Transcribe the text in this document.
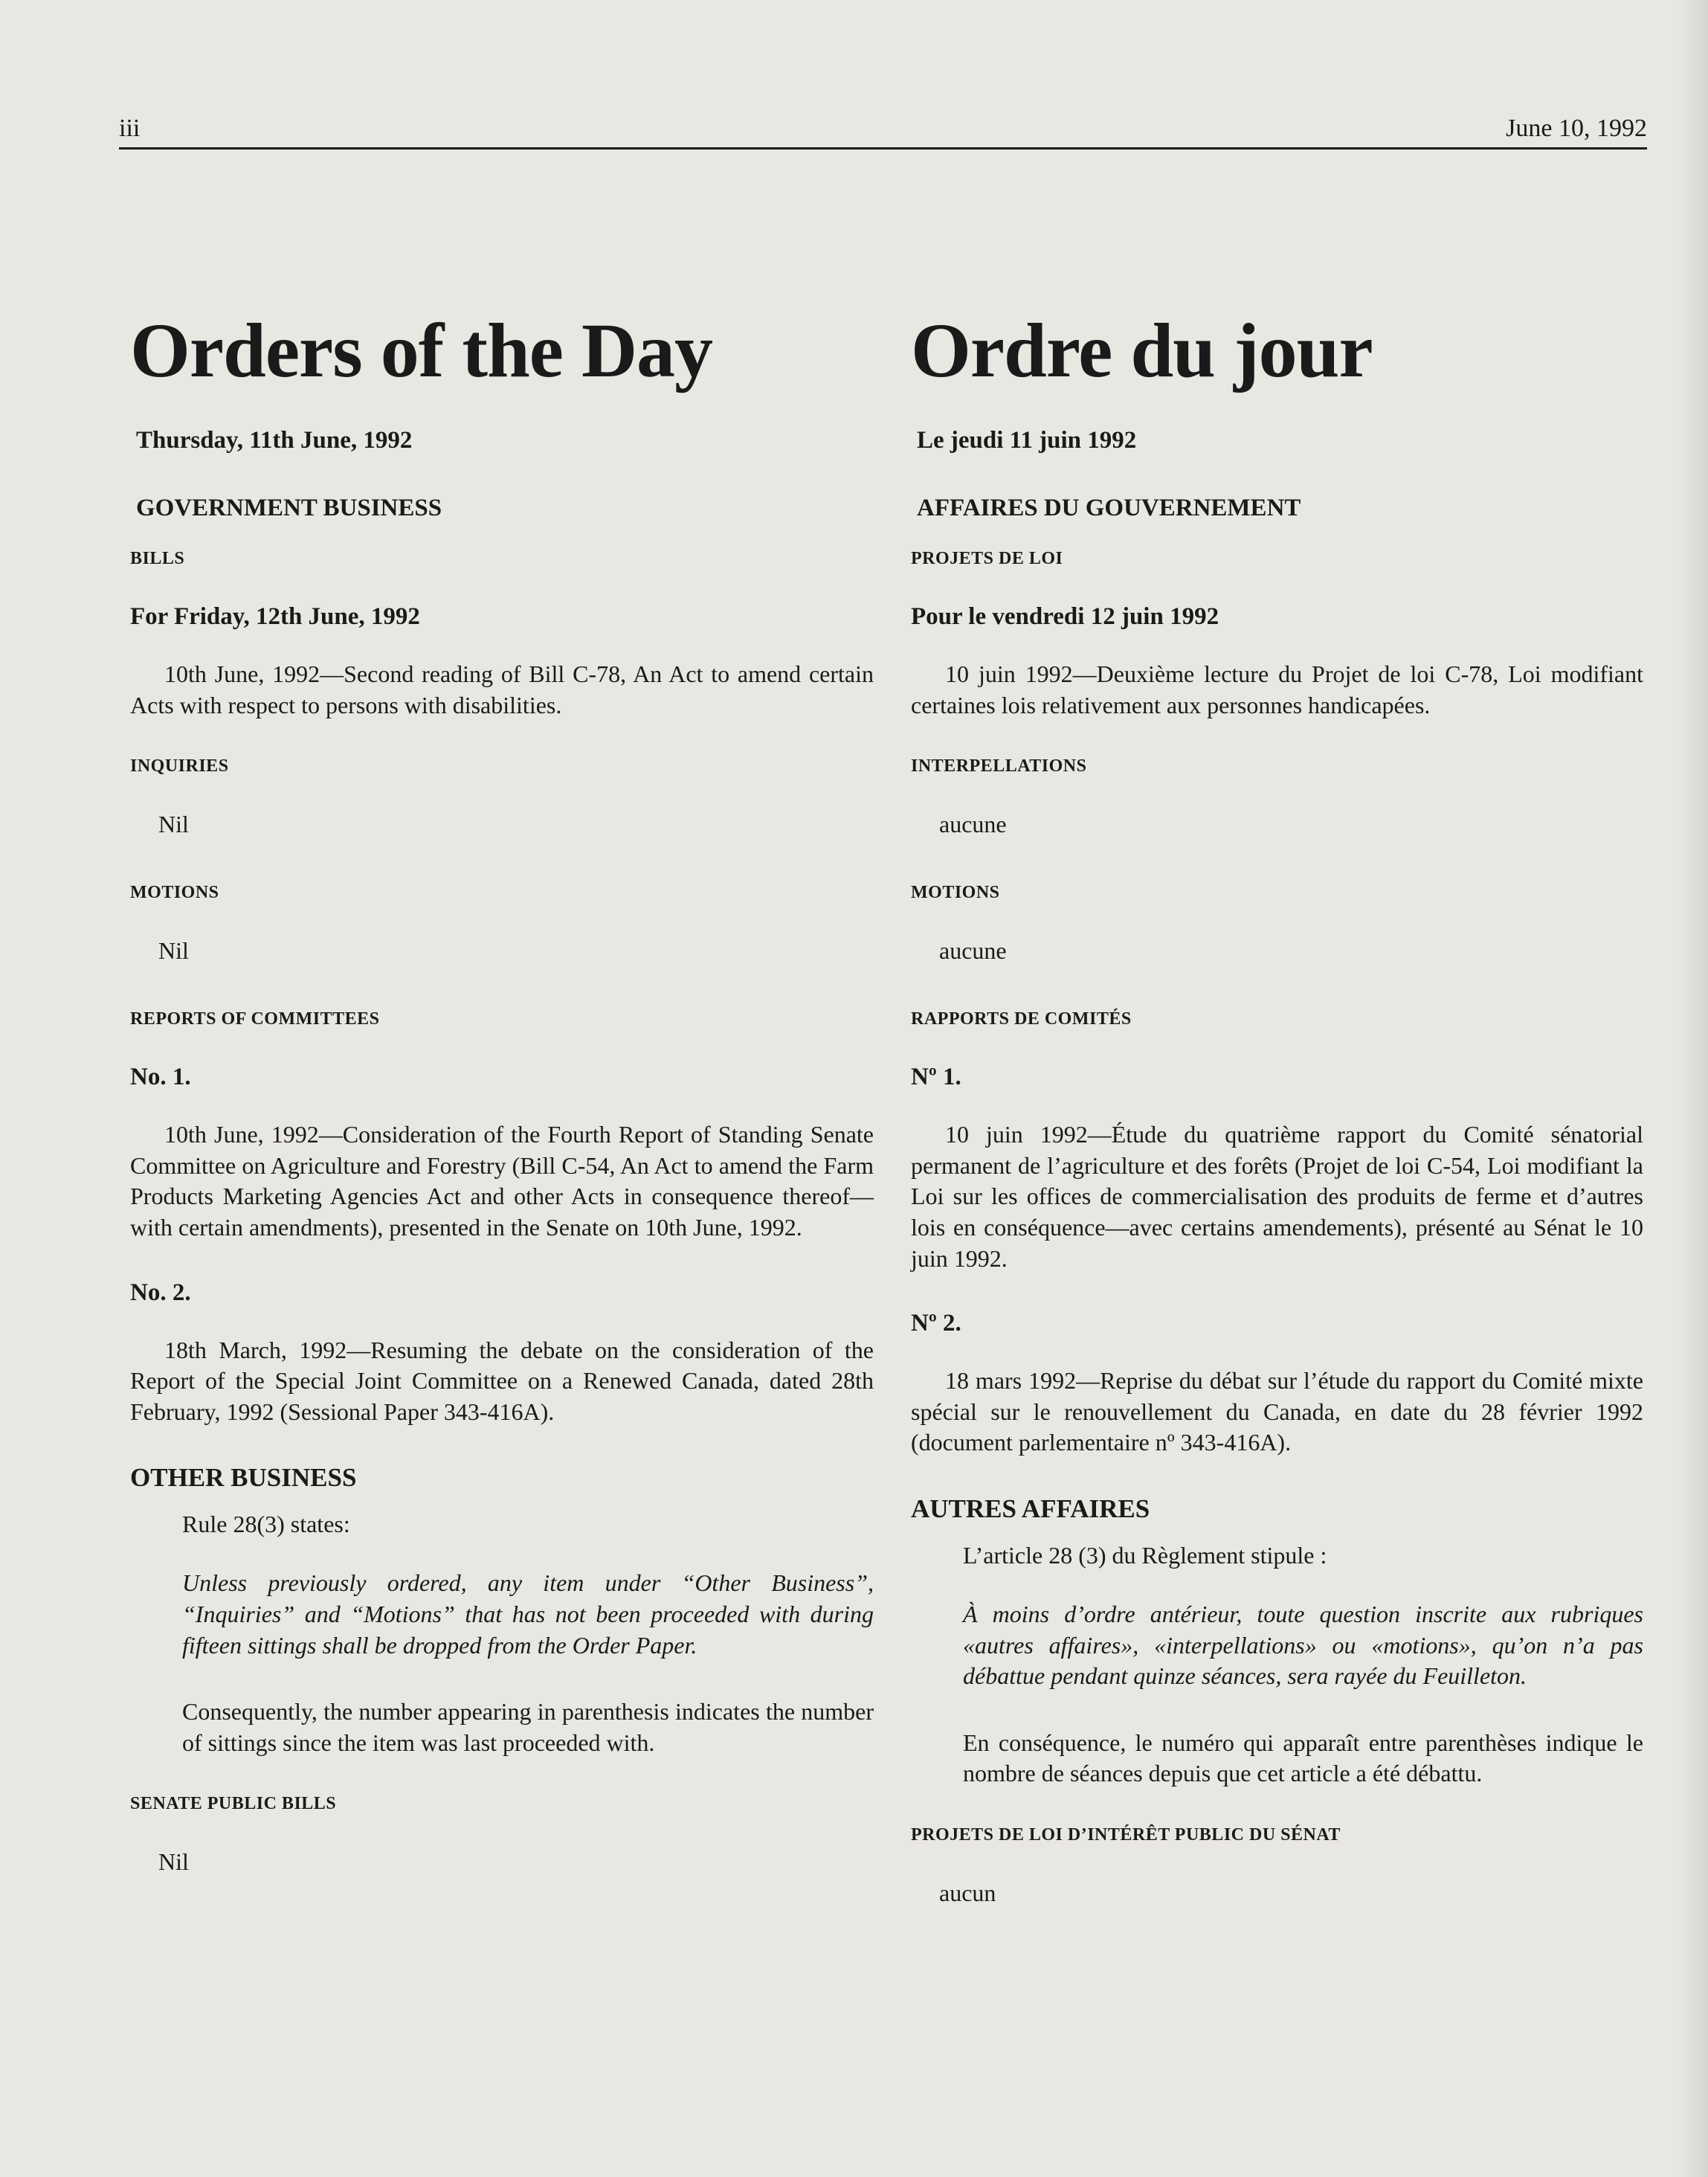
iii	June 10, 1992
Orders of the Day
Thursday, 11th June, 1992
GOVERNMENT BUSINESS
BILLS
For Friday, 12th June, 1992

10th June, 1992—Second reading of Bill C-78, An Act to amend certain Acts with respect to persons with disabilities.

INQUIRIES
Nil
MOTIONS
Nil
REPORTS OF COMMITTEES
No. 1.

10th June, 1992—Consideration of the Fourth Report of Standing Senate Committee on Agriculture and Forestry (Bill C-54, An Act to amend the Farm Products Marketing Agencies Act and other Acts in consequence thereof—with certain amendments), presented in the Senate on 10th June, 1992.

No. 2.

18th March, 1992—Resuming the debate on the consideration of the Report of the Special Joint Committee on a Renewed Canada, dated 28th February, 1992 (Sessional Paper 343-416A).

OTHER BUSINESS
Rule 28(3) states:

Unless previously ordered, any item under “Other Business”, “Inquiries” and “Motions” that has not been proceeded with during fifteen sittings shall be dropped from the Order Paper.

Consequently, the number appearing in parenthesis indicates the number of sittings since the item was last proceeded with.

SENATE PUBLIC BILLS
Nil
Ordre du jour
Le jeudi 11 juin 1992
AFFAIRES DU GOUVERNEMENT
PROJETS DE LOI
Pour le vendredi 12 juin 1992

10 juin 1992—Deuxième lecture du Projet de loi C-78, Loi modifiant certaines lois relativement aux personnes handicapées.

INTERPELLATIONS
aucune
MOTIONS
aucune
RAPPORTS DE COMITÉS
Nº 1.

10 juin 1992—Étude du quatrième rapport du Comité sénatorial permanent de l’agriculture et des forêts (Projet de loi C-54, Loi modifiant la Loi sur les offices de commercialisation des produits de ferme et d’autres lois en conséquence—avec certains amendements), présenté au Sénat le 10 juin 1992.

Nº 2.

18 mars 1992—Reprise du débat sur l’étude du rapport du Comité mixte spécial sur le renouvellement du Canada, en date du 28 février 1992 (document parlementaire nº 343-416A).

AUTRES AFFAIRES
L’article 28 (3) du Règlement stipule :

À moins d’ordre antérieur, toute question inscrite aux rubriques «autres affaires», «interpellations» ou «motions», qu’on n’a pas débattue pendant quinze séances, sera rayée du Feuilleton.

En conséquence, le numéro qui apparaît entre parenthèses indique le nombre de séances depuis que cet article a été débattu.

PROJETS DE LOI D’INTÉRÊT PUBLIC DU SÉNAT
aucun
